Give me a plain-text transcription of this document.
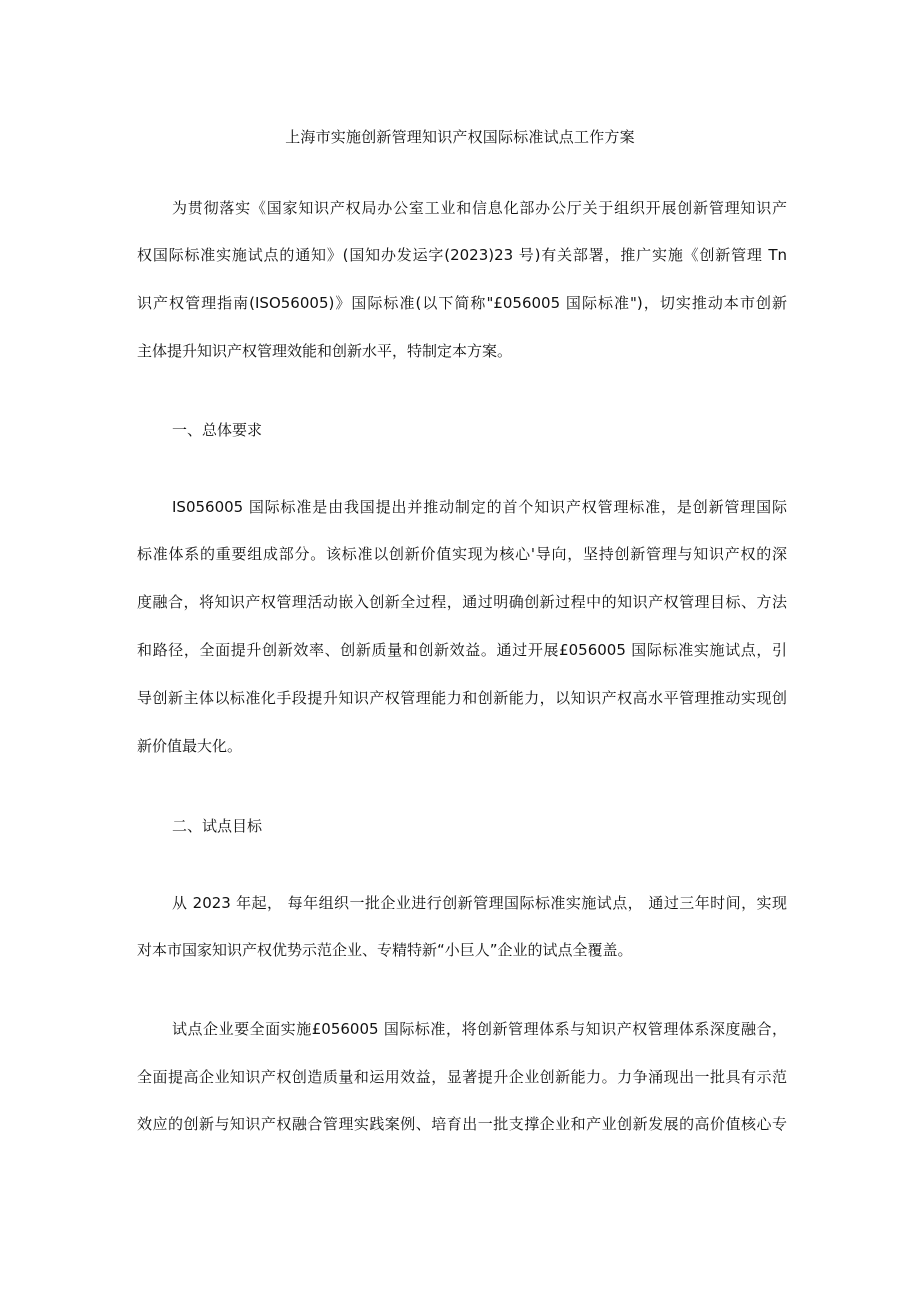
上海市实施创新管理知识产权国际标准试点工作方案
为贯彻落实《国家知识产权局办公室工业和信息化部办公厅关于组织开展创新管理知识产
权国际标准实施试点的通知》(国知办发运字(2023)23 号)有关部署，推广实施《创新管理 Tn
识产权管理指南(ISO56005)》国际标准(以下简称"£056005 国际标准")，切实推动本市创新
主体提升知识产权管理效能和创新水平，特制定本方案。
一、总体要求
IS056005 国际标准是由我国提出并推动制定的首个知识产权管理标准，是创新管理国际
标准体系的重要组成部分。该标准以创新价值实现为核心'导向，坚持创新管理与知识产权的深
度融合，将知识产权管理活动嵌入创新全过程，通过明确创新过程中的知识产权管理目标、方法
和路径，全面提升创新效率、创新质量和创新效益。通过开展£056005 国际标准实施试点，引
导创新主体以标准化手段提升知识产权管理能力和创新能力，以知识产权高水平管理推动实现创
新价值最大化。
二、试点目标
从 2023 年起， 每年组织一批企业进行创新管理国际标准实施试点， 通过三年时间，实现
对本市国家知识产权优势示范企业、专精特新“小巨人”企业的试点全覆盖。
试点企业要全面实施£056005 国际标准，将创新管理体系与知识产权管理体系深度融合，
全面提高企业知识产权创造质量和运用效益，显著提升企业创新能力。力争涌现出一批具有示范
效应的创新与知识产权融合管理实践案例、培育出一批支撑企业和产业创新发展的高价值核心专
